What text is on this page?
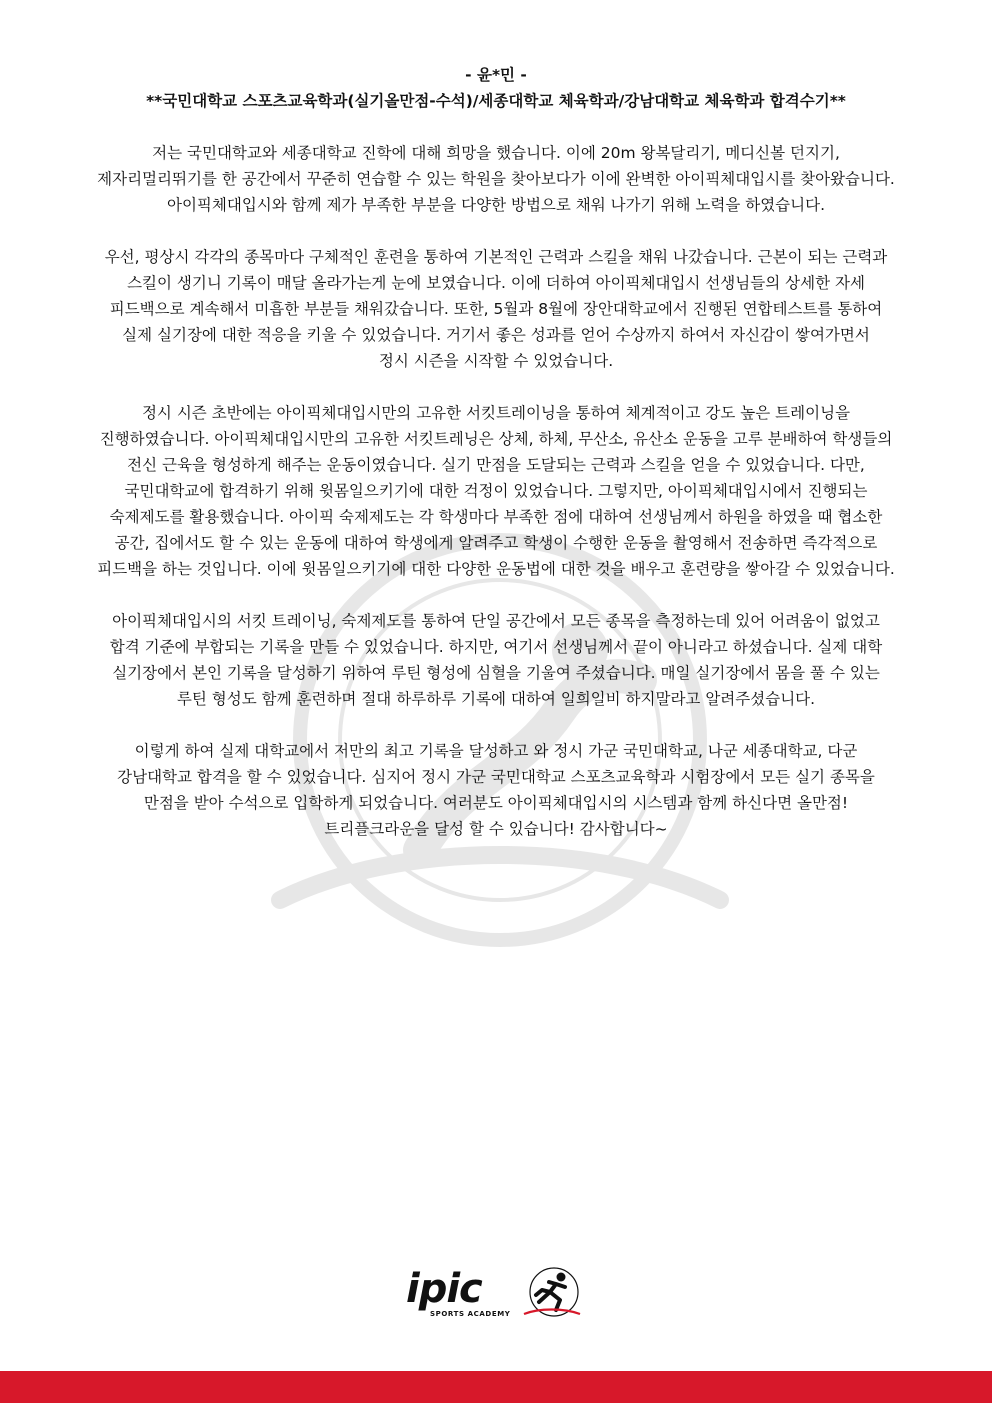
- 윤*민 -

**국민대학교 스포츠교육학과(실기올만점-수석)/세종대학교 체육학과/강남대학교 체육학과 합격수기**

저는 국민대학교와 세종대학교 진학에 대해 희망을 했습니다. 이에 20m 왕복달리기, 메디신볼 던지기,
제자리멀리뛰기를 한 공간에서 꾸준히 연습할 수 있는 학원을 찾아보다가 이에 완벽한 아이픽체대입시를 찾아왔습니다.
아이픽체대입시와 함께 제가 부족한 부분을 다양한 방법으로 채워 나가기 위해 노력을 하였습니다.

우선, 평상시 각각의 종목마다 구체적인 훈련을 통하여 기본적인 근력과 스킬을 채워 나갔습니다. 근본이 되는 근력과
스킬이 생기니 기록이 매달 올라가는게 눈에 보였습니다. 이에 더하여 아이픽체대입시 선생님들의 상세한 자세
피드백으로 계속해서 미흡한 부분들 채워갔습니다. 또한, 5월과 8월에 장안대학교에서 진행된 연합테스트를 통하여
실제 실기장에 대한 적응을 키울 수 있었습니다. 거기서 좋은 성과를 얻어 수상까지 하여서 자신감이 쌓여가면서
정시 시즌을 시작할 수 있었습니다.

정시 시즌 초반에는 아이픽체대입시만의 고유한 서킷트레이닝을 통하여 체계적이고 강도 높은 트레이닝을
진행하였습니다. 아이픽체대입시만의 고유한 서킷트레닝은 상체, 하체, 무산소, 유산소 운동을 고루 분배하여 학생들의
전신 근육을 형성하게 해주는 운동이였습니다. 실기 만점을 도달되는 근력과 스킬을 얻을 수 있었습니다. 다만,
국민대학교에 합격하기 위해 윗몸일으키기에 대한 걱정이 있었습니다. 그렇지만, 아이픽체대입시에서 진행되는
숙제제도를 활용했습니다. 아이픽 숙제제도는 각 학생마다 부족한 점에 대하여 선생님께서 하원을 하였을 때 협소한
공간, 집에서도 할 수 있는 운동에 대하여 학생에게 알려주고 학생이 수행한 운동을 촬영해서 전송하면 즉각적으로
피드백을 하는 것입니다. 이에 윗몸일으키기에 대한 다양한 운동법에 대한 것을 배우고 훈련량을 쌓아갈 수 있었습니다.

아이픽체대입시의 서킷 트레이닝, 숙제제도를 통하여 단일 공간에서 모든 종목을 측정하는데 있어 어려움이 없었고
합격 기준에 부합되는 기록을 만들 수 있었습니다. 하지만, 여기서 선생님께서 끝이 아니라고 하셨습니다. 실제 대학
실기장에서 본인 기록을 달성하기 위하여 루틴 형성에 심혈을 기울여 주셨습니다. 매일 실기장에서 몸을 풀 수 있는
루틴 형성도 함께 훈련하며 절대 하루하루 기록에 대하여 일희일비 하지말라고 알려주셨습니다.

이렇게 하여 실제 대학교에서 저만의 최고 기록을 달성하고 와 정시 가군 국민대학교, 나군 세종대학교, 다군
강남대학교 합격을 할 수 있었습니다. 심지어 정시 가군 국민대학교 스포츠교육학과 시험장에서 모든 실기 종목을
만점을 받아 수석으로 입학하게 되었습니다. 여러분도 아이픽체대입시의 시스템과 함께 하신다면 올만점!
트리플크라운을 달성 할 수 있습니다! 감사합니다~

ipic
SPORTS ACADEMY
